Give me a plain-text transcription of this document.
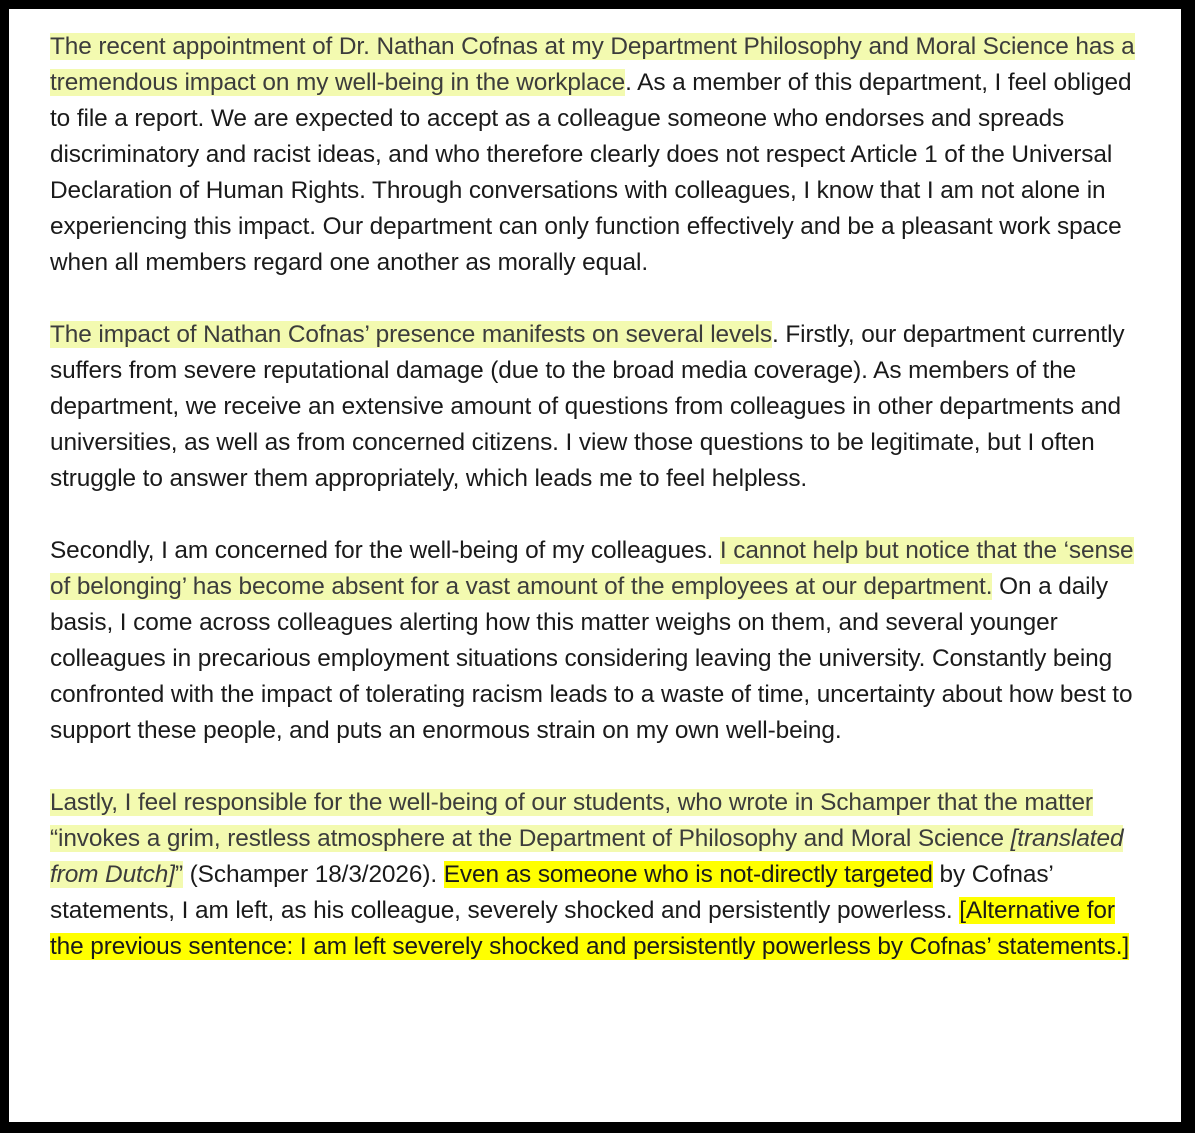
The recent appointment of Dr. Nathan Cofnas at my Department Philosophy and Moral Science has a tremendous impact on my well-being in the workplace. As a member of this department, I feel obliged to file a report. We are expected to accept as a colleague someone who endorses and spreads discriminatory and racist ideas, and who therefore clearly does not respect Article 1 of the Universal Declaration of Human Rights. Through conversations with colleagues, I know that I am not alone in experiencing this impact. Our department can only function effectively and be a pleasant work space when all members regard one another as morally equal.

The impact of Nathan Cofnas’ presence manifests on several levels. Firstly, our department currently suffers from severe reputational damage (due to the broad media coverage). As members of the department, we receive an extensive amount of questions from colleagues in other departments and universities, as well as from concerned citizens. I view those questions to be legitimate, but I often struggle to answer them appropriately, which leads me to feel helpless.

Secondly, I am concerned for the well-being of my colleagues. I cannot help but notice that the ‘sense of belonging’ has become absent for a vast amount of the employees at our department. On a daily basis, I come across colleagues alerting how this matter weighs on them, and several younger colleagues in precarious employment situations considering leaving the university. Constantly being confronted with the impact of tolerating racism leads to a waste of time, uncertainty about how best to support these people, and puts an enormous strain on my own well-being.

Lastly, I feel responsible for the well-being of our students, who wrote in Schamper that the matter “invokes a grim, restless atmosphere at the Department of Philosophy and Moral Science [translated from Dutch]” (Schamper 18/3/2026). Even as someone who is not-directly targeted by Cofnas’ statements, I am left, as his colleague, severely shocked and persistently powerless. [Alternative for the previous sentence: I am left severely shocked and persistently powerless by Cofnas’ statements.]
